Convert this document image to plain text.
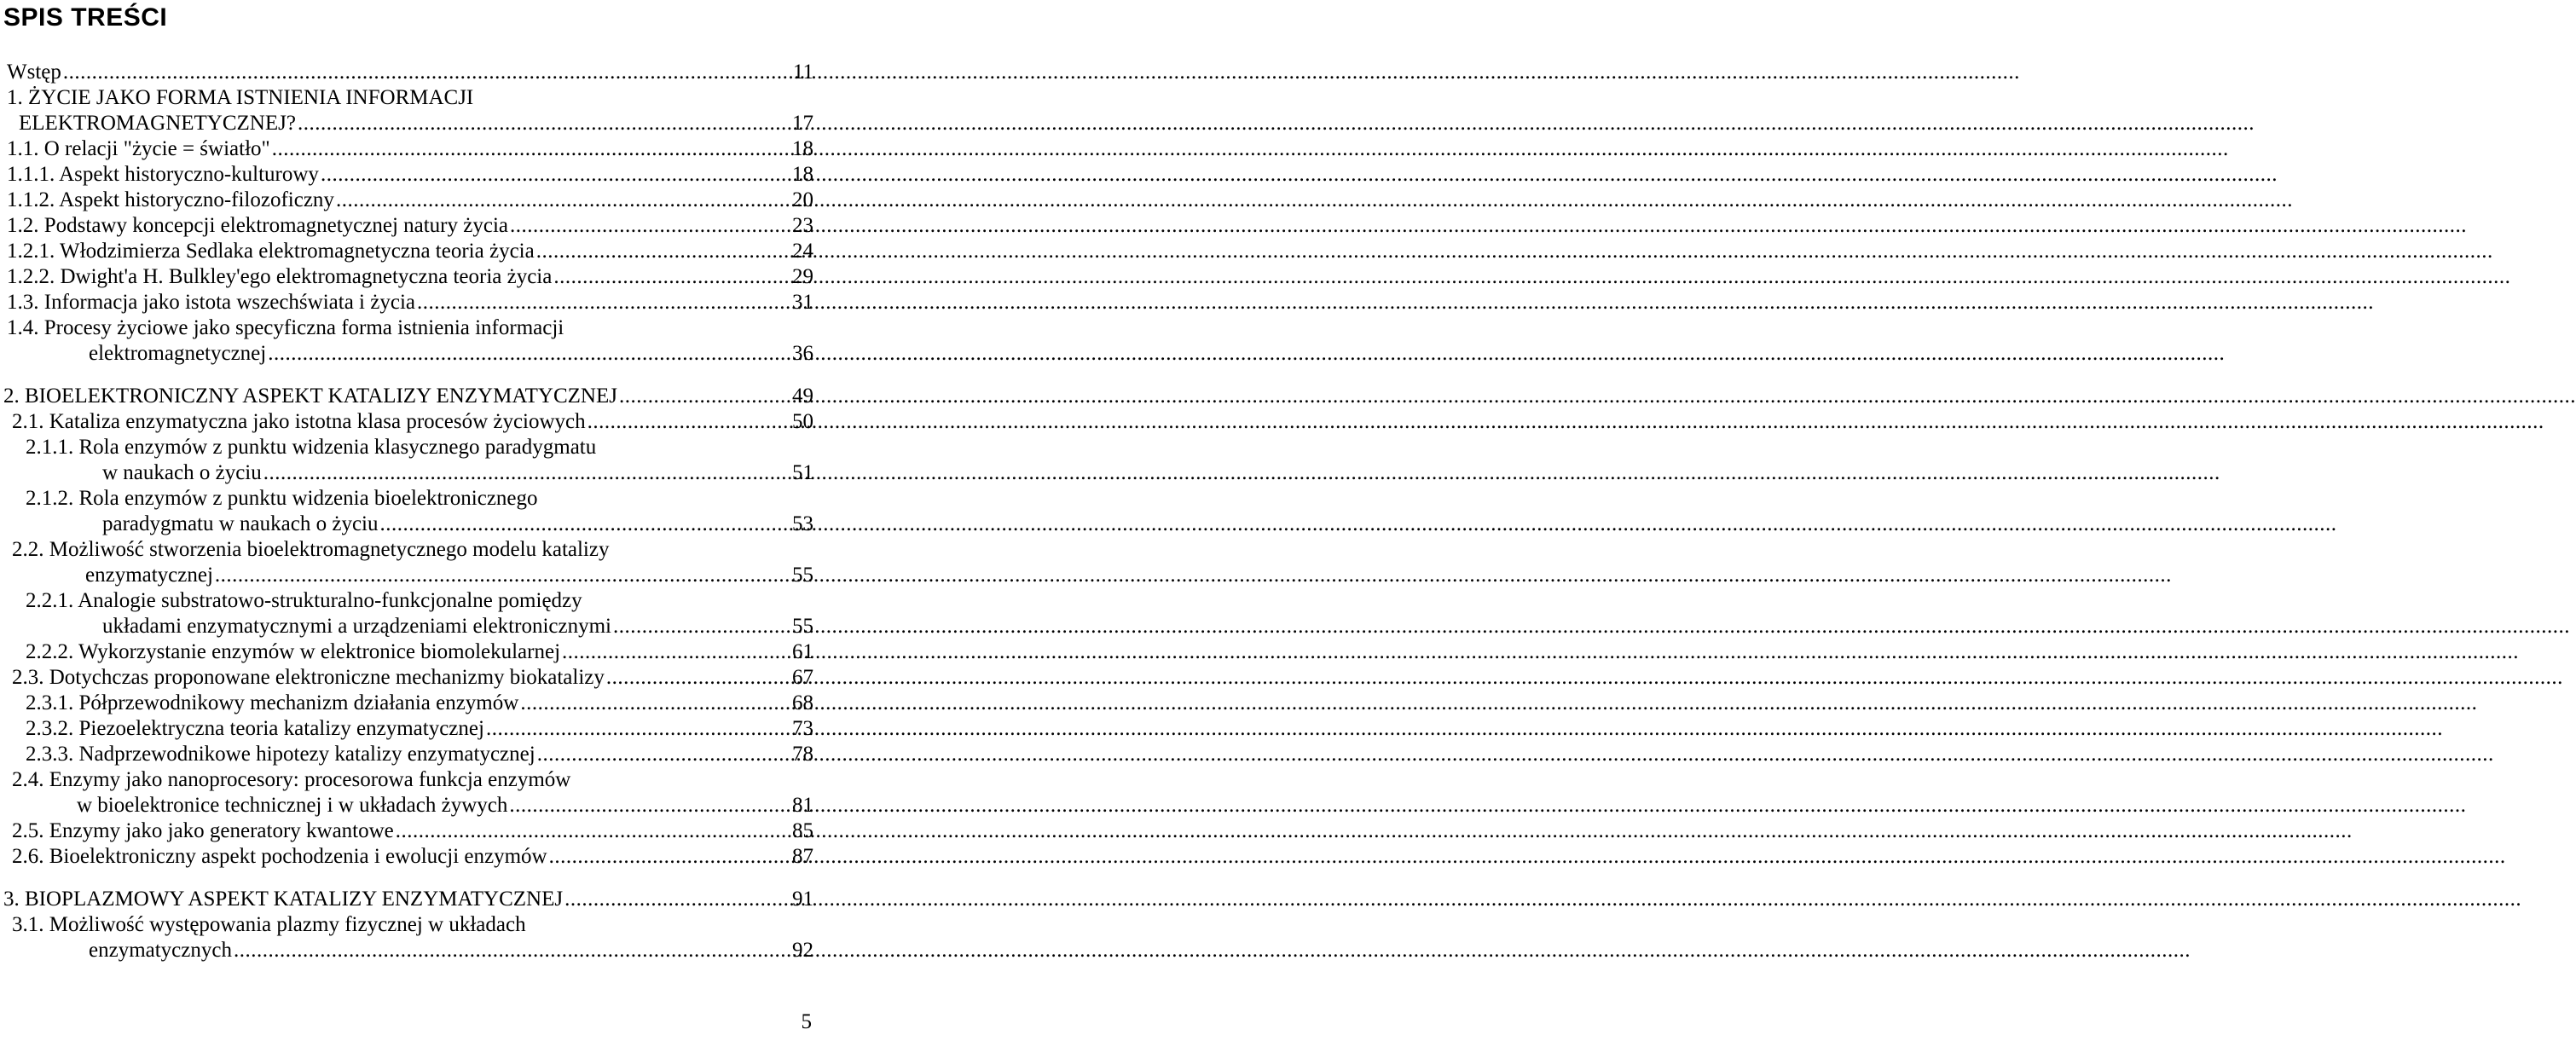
SPIS TREŚCI
Wstęp .....	11
1. ŻYCIE JAKO FORMA ISTNIENIA INFORMACJI
ELEKTROMAGNETYCZNEJ? .....	17
1.1. O relacji "życie = światło" .....	18
1.1.1. Aspekt historyczno-kulturowy .....	18
1.1.2. Aspekt historyczno-filozoficzny .....	20
1.2. Podstawy koncepcji elektromagnetycznej natury życia .....	23
1.2.1. Włodzimierza Sedlaka elektromagnetyczna teoria życia .....	24
1.2.2. Dwight'a H. Bulkley'ego elektromagnetyczna teoria życia .....	29
1.3. Informacja jako istota wszechświata i życia .....	31
1.4. Procesy życiowe jako specyficzna forma istnienia informacji
elektromagnetycznej .....	36
2. BIOELEKTRONICZNY ASPEKT KATALIZY ENZYMATYCZNEJ .....	49
2.1. Kataliza enzymatyczna jako istotna klasa procesów życiowych .....	50
2.1.1. Rola enzymów z punktu widzenia klasycznego paradygmatu
w naukach o życiu .....	51
2.1.2. Rola enzymów z punktu widzenia bioelektronicznego
paradygmatu w naukach o życiu .....	53
2.2. Możliwość stworzenia bioelektromagnetycznego modelu katalizy
enzymatycznej .....	55
2.2.1. Analogie substratowo-strukturalno-funkcjonalne pomiędzy
układami enzymatycznymi a urządzeniami elektronicznymi .....	55
2.2.2. Wykorzystanie enzymów w elektronice biomolekularnej .....	61
2.3. Dotychczas proponowane elektroniczne mechanizmy biokatalizy .....	67
2.3.1. Półprzewodnikowy mechanizm działania enzymów .....	68
2.3.2. Piezoelektryczna teoria katalizy enzymatycznej .....	73
2.3.3. Nadprzewodnikowe hipotezy katalizy enzymatycznej .....	78
2.4. Enzymy jako nanoprocesory: procesorowa funkcja enzymów
w bioelektronice technicznej i w układach żywych .....	81
2.5. Enzymy jako jako generatory kwantowe .....	85
2.6. Bioelektroniczny aspekt pochodzenia i ewolucji enzymów .....	87
3. BIOPLAZMOWY ASPEKT KATALIZY ENZYMATYCZNEJ .....	91
3.1. Możliwość występowania plazmy fizycznej w układach
enzymatycznych .....	92
5
